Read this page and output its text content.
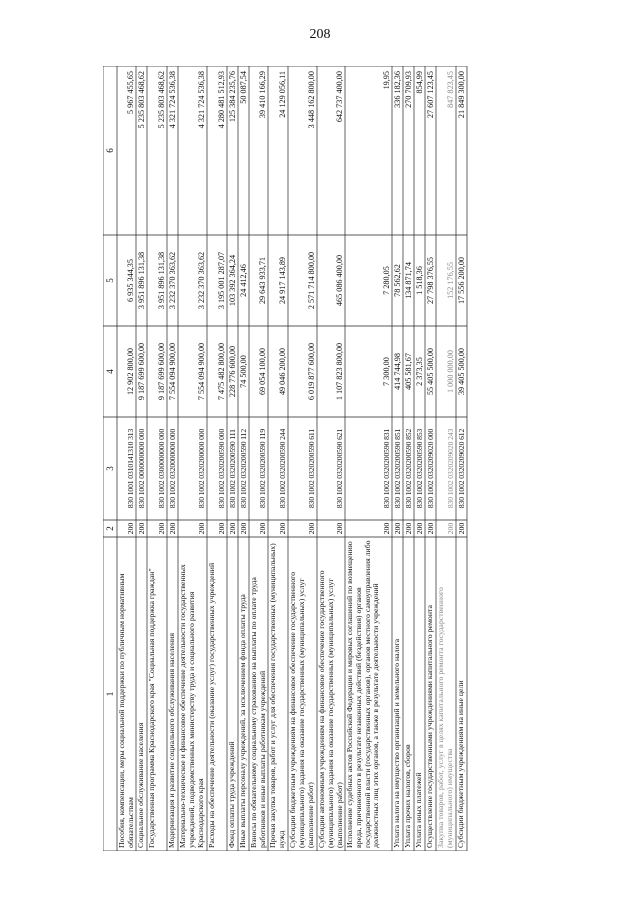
208
1
2
3
4
5
6
Пособия, компенсации, меры социальной поддержки по публичным нормативным обязательствам
200
830 1001 0310141310 313
12 902 800,00
6 935 344,35
5 967 455,65
Социальное обслуживание населения
200
830 1002 0000000000 000
9 187 699 600,00
3 951 896 131,38
5 235 803 468,62
Государственная программа Краснодарского края "Социальная поддержка граждан"
200
830 1002 0300000000 000
9 187 699 600,00
3 951 896 131,38
5 235 803 468,62
Модернизация и развитие социального обслуживания населения
200
830 1002 0320000000 000
7 554 094 900,00
3 232 370 363,62
4 321 724 536,38
Материально-техническое и финансовое обеспечение деятельности государственных учреждений, подведомственных министерству труда и социального развития Краснодарского края
200
830 1002 0320200000 000
7 554 094 900,00
3 232 370 363,62
4 321 724 536,38
Расходы на обеспечение деятельности (оказание услуг) государственных учреждений
200
830 1002 0320200590 000
7 475 482 800,00
3 195 001 287,07
4 280 481 512,93
Фонд оплаты труда учреждений
200
830 1002 0320200590 111
228 776 600,00
103 392 364,24
125 384 235,76
Иные выплаты персоналу учреждений, за исключением фонда оплаты труда
200
830 1002 0320200590 112
74 500,00
24 412,46
50 087,54
Взносы по обязательному социальному страхованию на выплаты по оплате труда работников и иные выплаты работникам учреждений
200
830 1002 0320200590 119
69 054 100,00
29 643 933,71
39 410 166,29
Прочая закупка товаров, работ и услуг для обеспечения государственных (муниципальных) нужд
200
830 1002 0320200590 244
49 046 200,00
24 917 143,89
24 129 056,11
Субсидии бюджетным учреждениям на финансовое обеспечение государственного (муниципального) задания на оказание государственных (муниципальных) услуг (выполнение работ)
200
830 1002 0320200590 611
6 019 877 600,00
2 571 714 800,00
3 448 162 800,00
Субсидии автономным учреждениям на финансовое обеспечение государственного (муниципального) задания на оказание государственных (муниципальных) услуг (выполнение работ)
200
830 1002 0320200590 621
1 107 823 800,00
465 086 400,00
642 737 400,00
Исполнение судебных актов Российской Федерации и мировых соглашений по возмещению вреда, причиненного в результате незаконных действий (бездействия) органов государственной власти (государственных органов), органов местного самоуправления либо должностных лиц этих органов, а также в результате деятельности учреждений
200
830 1002 0320200590 831
7 300,00
7 280,05
19,95
Уплата налога на имущество организаций и земельного налога
200
830 1002 0320200590 851
414 744,98
78 562,62
336 182,36
Уплата прочих налогов, сборов
200
830 1002 0320200590 852
405 581,67
134 871,74
270 709,93
Уплата иных платежей
200
830 1002 0320200590 853
2 373,35
1 518,36
854,99
Осуществление государственными учреждениями капитального ремонта
200
830 1002 0320209020 000
55 405 500,00
27 798 376,55
27 607 123,45
Закупка товаров, работ, услуг в целях капитального ремонта государственного (муниципального) имущества
200
830 1002 0320209020 243
1 000 000,00
152 176,55
847 823,45
Субсидии бюджетным учреждениям на иные цели
200
830 1002 0320209020 612
39 405 500,00
17 556 200,00
21 849 300,00
